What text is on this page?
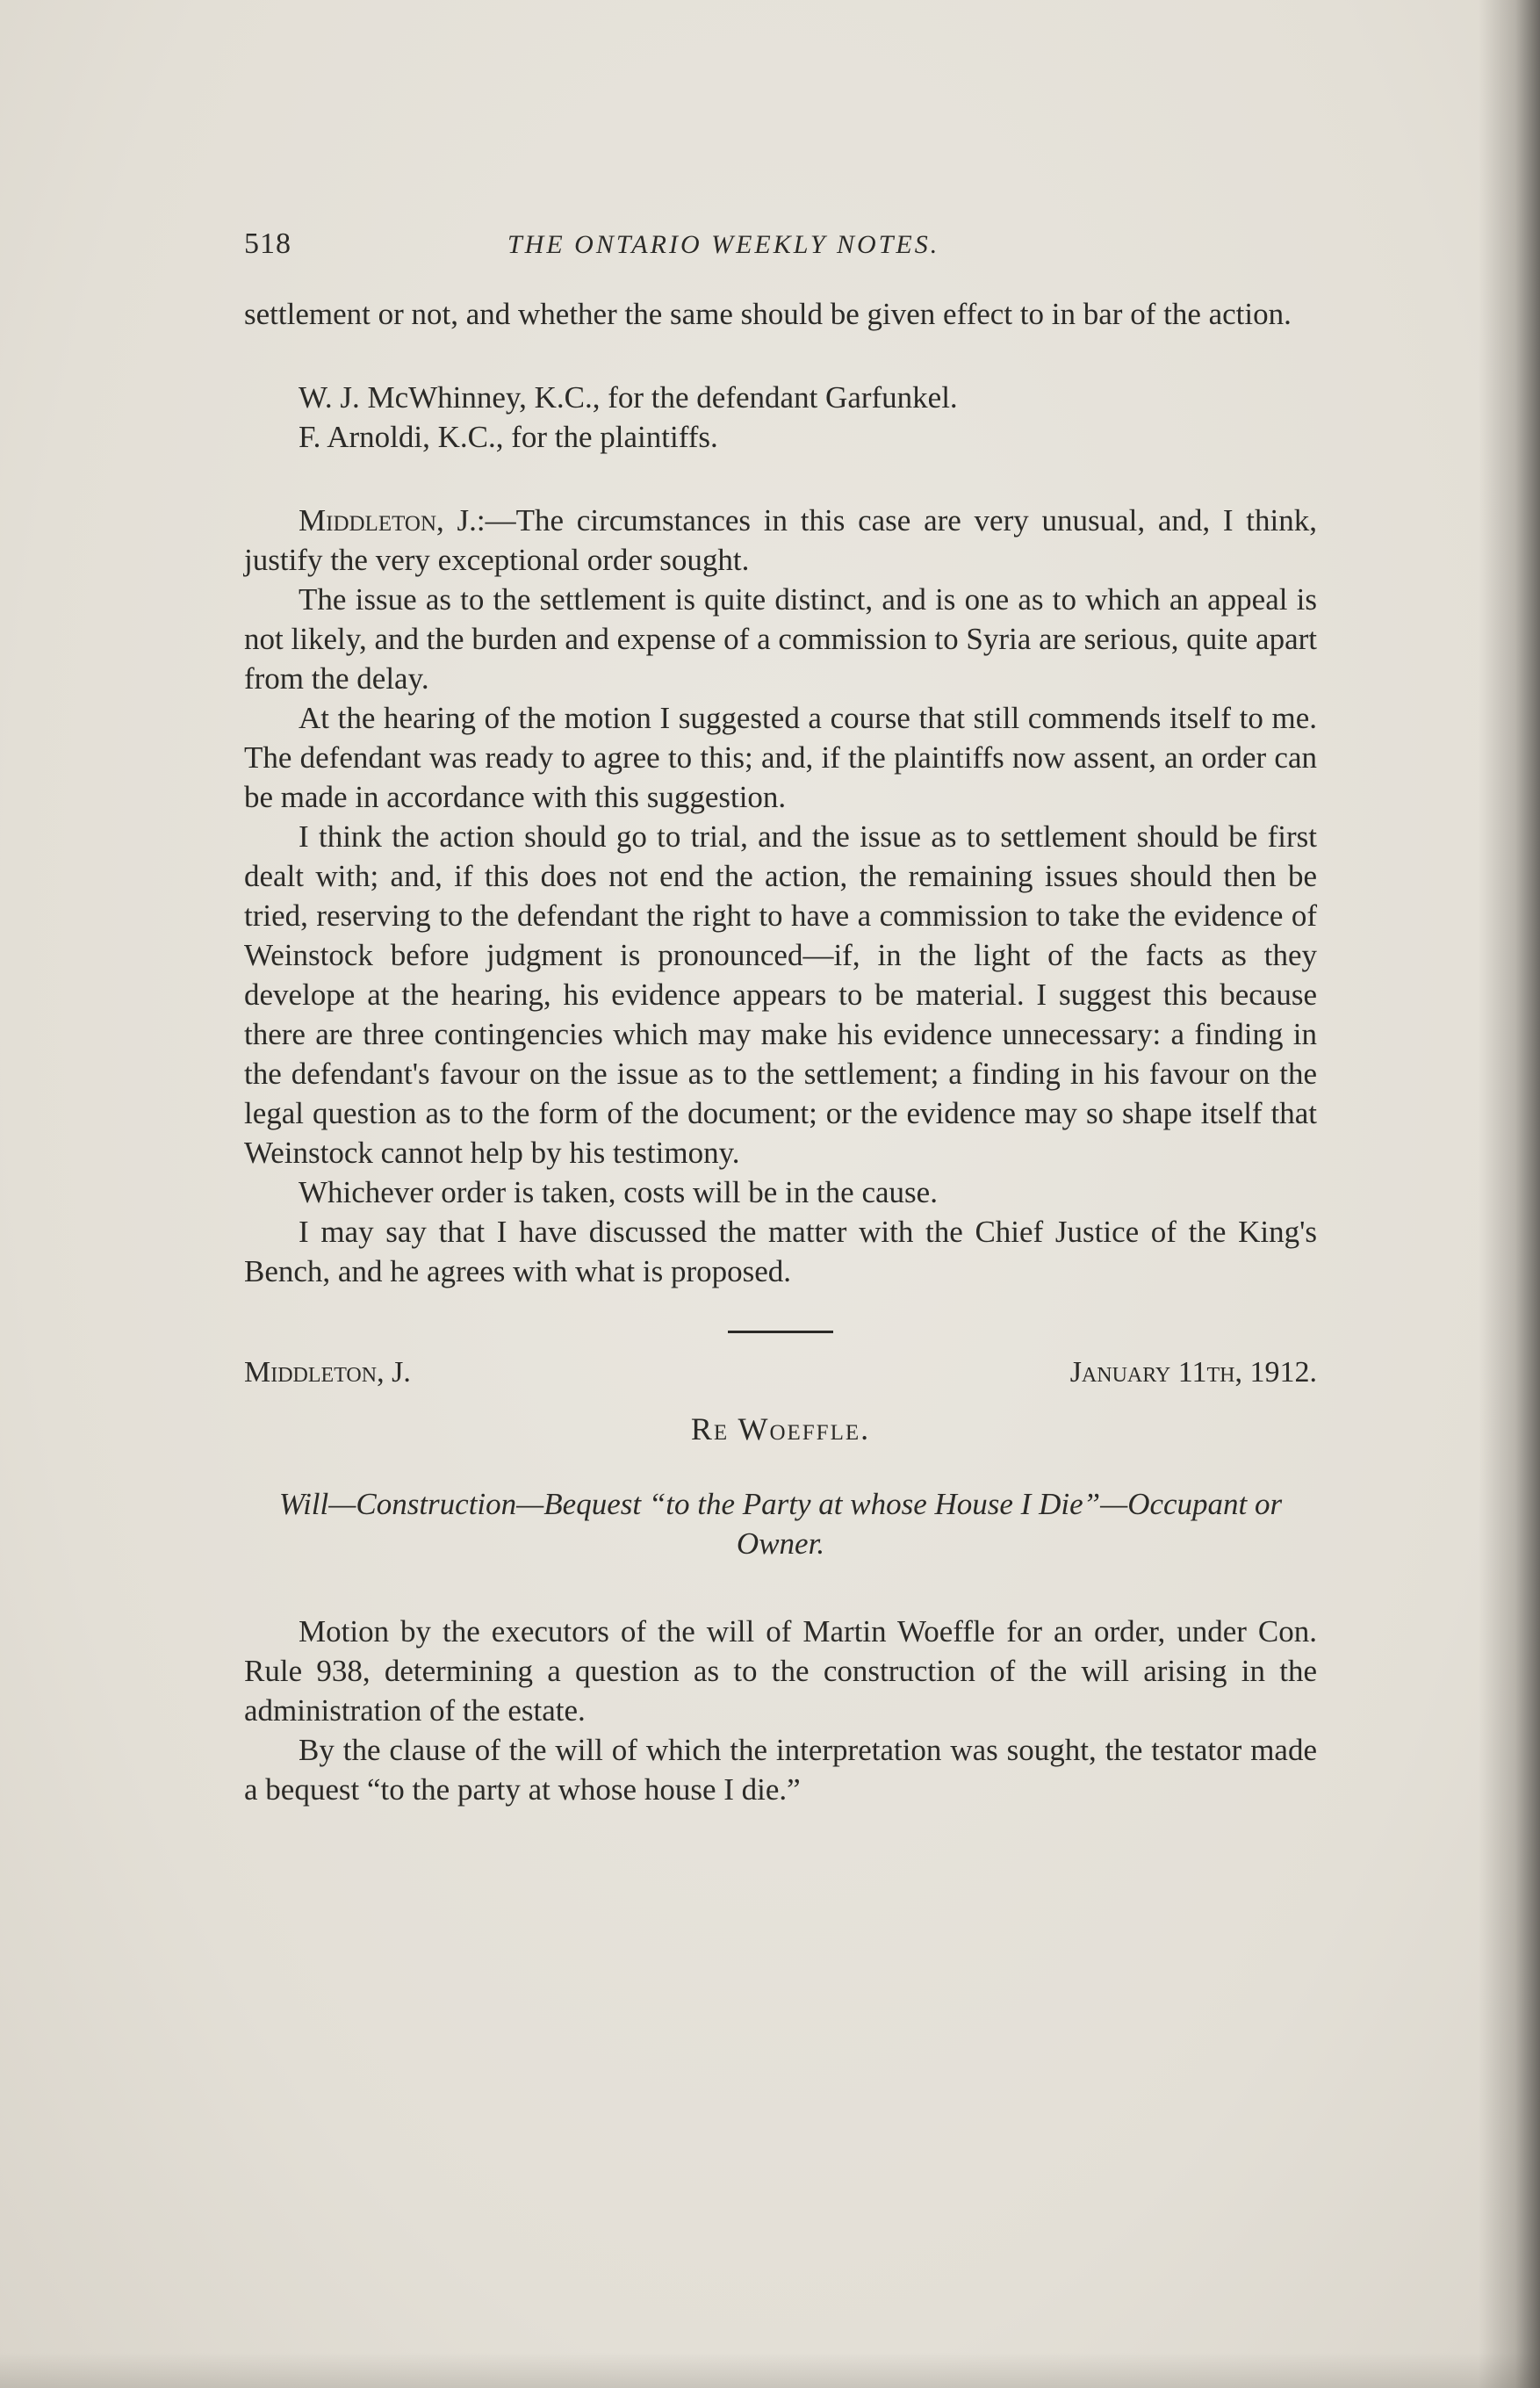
518	THE ONTARIO WEEKLY NOTES.

settlement or not, and whether the same should be given effect to in bar of the action.

W. J. McWhinney, K.C., for the defendant Garfunkel.

F. Arnoldi, K.C., for the plaintiffs.

Middleton, J.:—The circumstances in this case are very unusual, and, I think, justify the very exceptional order sought.

The issue as to the settlement is quite distinct, and is one as to which an appeal is not likely, and the burden and expense of a commission to Syria are serious, quite apart from the delay.

At the hearing of the motion I suggested a course that still commends itself to me. The defendant was ready to agree to this; and, if the plaintiffs now assent, an order can be made in accordance with this suggestion.

I think the action should go to trial, and the issue as to settlement should be first dealt with; and, if this does not end the action, the remaining issues should then be tried, reserving to the defendant the right to have a commission to take the evidence of Weinstock before judgment is pronounced—if, in the light of the facts as they develope at the hearing, his evidence appears to be material. I suggest this because there are three contingencies which may make his evidence unnecessary: a finding in the defendant's favour on the issue as to the settlement; a finding in his favour on the legal question as to the form of the document; or the evidence may so shape itself that Weinstock cannot help by his testimony.

Whichever order is taken, costs will be in the cause.

I may say that I have discussed the matter with the Chief Justice of the King's Bench, and he agrees with what is proposed.

Middleton, J.	January 11th, 1912.
Re Woeffle.
Will—Construction—Bequest “to the Party at whose House I Die”—Occupant or Owner.

Motion by the executors of the will of Martin Woeffle for an order, under Con. Rule 938, determining a question as to the construction of the will arising in the administration of the estate.

By the clause of the will of which the interpretation was sought, the testator made a bequest “to the party at whose house I die.”
